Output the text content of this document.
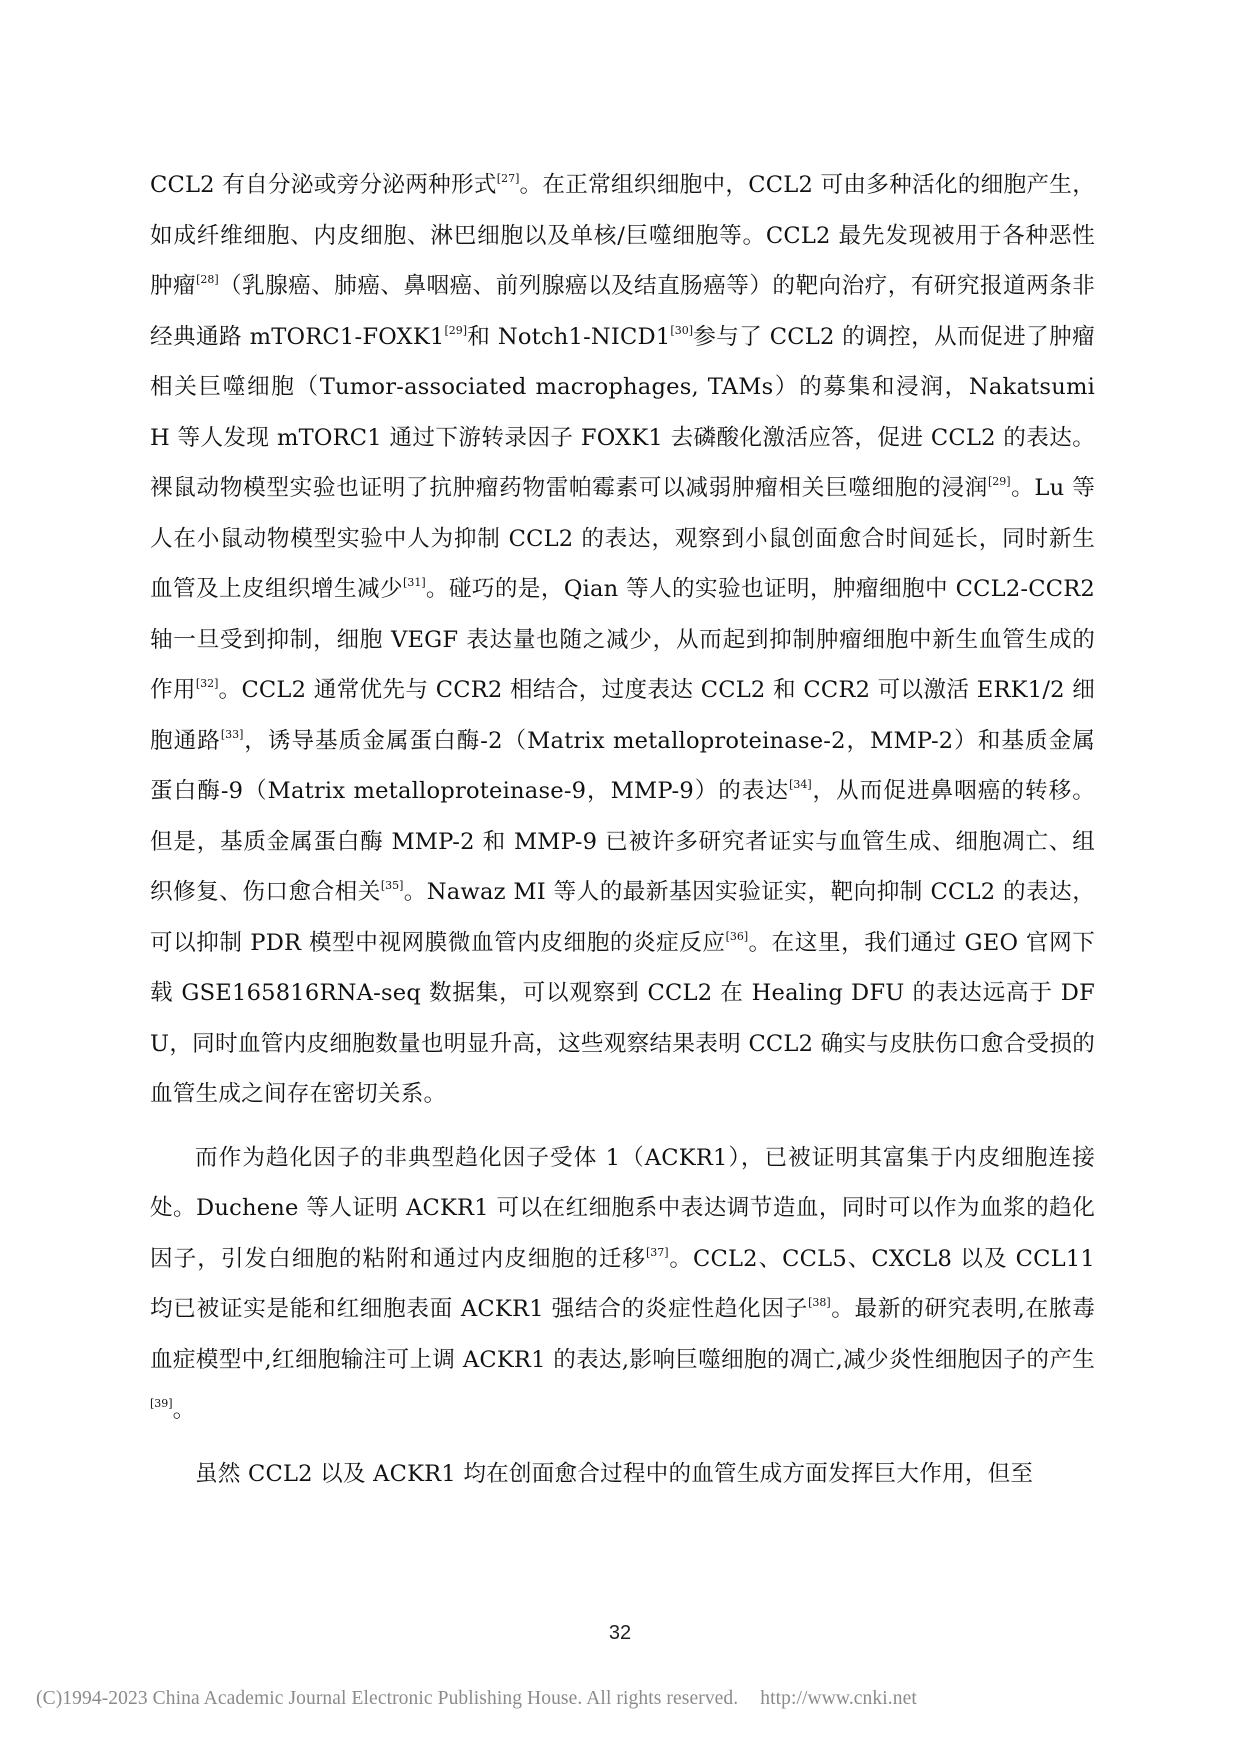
CCL2 有自分泌或旁分泌两种形式[27]。在正常组织细胞中，CCL2 可由多种活化的细胞产生，如成纤维细胞、内皮细胞、淋巴细胞以及单核/巨噬细胞等。CCL2 最先发现被用于各种恶性肿瘤[28]（乳腺癌、肺癌、鼻咽癌、前列腺癌以及结直肠癌等）的靶向治疗，有研究报道两条非经典通路 mTORC1-FOXK1[29]和 Notch1-NICD1[30]参与了 CCL2 的调控，从而促进了肿瘤相关巨噬细胞（Tumor-associated macrophages, TAMs）的募集和浸润，Nakatsumi H 等人发现 mTORC1 通过下游转录因子 FOXK1 去磷酸化激活应答，促进 CCL2 的表达。裸鼠动物模型实验也证明了抗肿瘤药物雷帕霉素可以减弱肿瘤相关巨噬细胞的浸润[29]。Lu 等人在小鼠动物模型实验中人为抑制 CCL2 的表达，观察到小鼠创面愈合时间延长，同时新生血管及上皮组织增生减少[31]。碰巧的是，Qian 等人的实验也证明，肿瘤细胞中 CCL2-CCR2 轴一旦受到抑制，细胞 VEGF 表达量也随之减少，从而起到抑制肿瘤细胞中新生血管生成的作用[32]。CCL2 通常优先与 CCR2 相结合，过度表达 CCL2 和 CCR2 可以激活 ERK1/2 细胞通路[33]，诱导基质金属蛋白酶-2（Matrix metalloproteinase-2，MMP-2）和基质金属蛋白酶-9（Matrix metalloproteinase-9，MMP-9）的表达[34]，从而促进鼻咽癌的转移。但是，基质金属蛋白酶 MMP-2 和 MMP-9 已被许多研究者证实与血管生成、细胞凋亡、组织修复、伤口愈合相关[35]。Nawaz MI 等人的最新基因实验证实，靶向抑制 CCL2 的表达，可以抑制 PDR 模型中视网膜微血管内皮细胞的炎症反应[36]。在这里，我们通过 GEO 官网下载 GSE165816RNA-seq 数据集，可以观察到 CCL2 在 Healing DFU 的表达远高于 DFU，同时血管内皮细胞数量也明显升高，这些观察结果表明 CCL2 确实与皮肤伤口愈合受损的血管生成之间存在密切关系。

而作为趋化因子的非典型趋化因子受体 1（ACKR1），已被证明其富集于内皮细胞连接处。Duchene 等人证明 ACKR1 可以在红细胞系中表达调节造血，同时可以作为血浆的趋化因子，引发白细胞的粘附和通过内皮细胞的迁移[37]。CCL2、CCL5、CXCL8 以及 CCL11 均已被证实是能和红细胞表面 ACKR1 强结合的炎症性趋化因子[38]。最新的研究表明,在脓毒血症模型中,红细胞输注可上调 ACKR1 的表达,影响巨噬细胞的凋亡,减少炎性细胞因子的产生[39]。

虽然 CCL2 以及 ACKR1 均在创面愈合过程中的血管生成方面发挥巨大作用，但至

32
(C)1994-2023 China Academic Journal Electronic Publishing House. All rights reserved. http://www.cnki.net
